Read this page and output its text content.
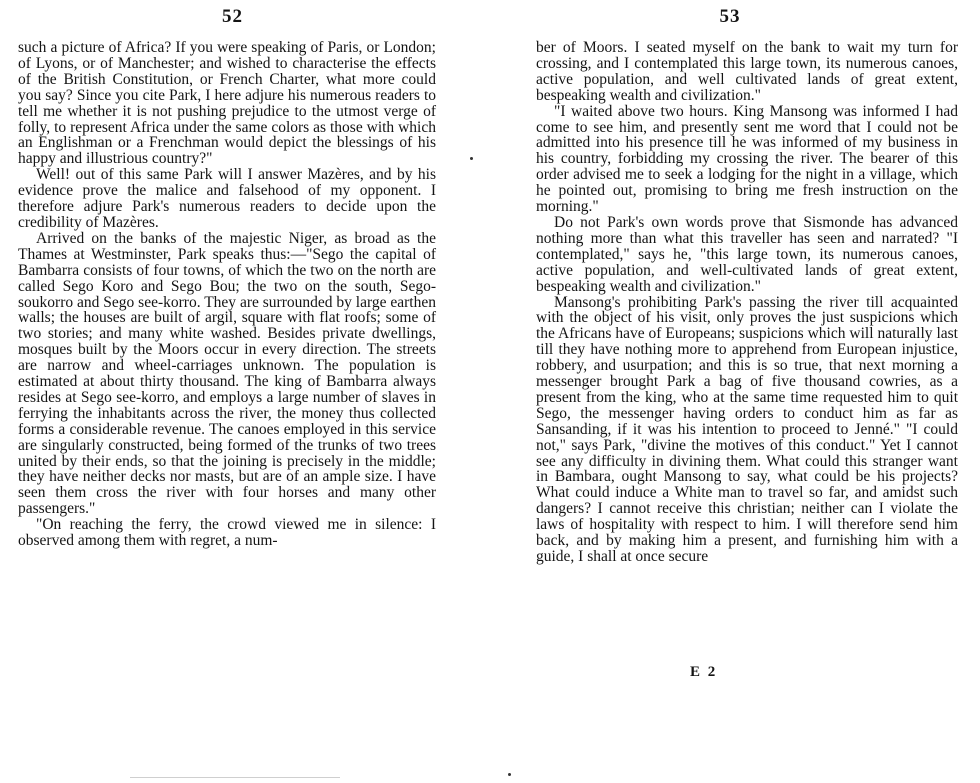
52

such a picture of Africa? If you were speaking of Paris, or London; of Lyons, or of Manchester; and wished to characterise the effects of the British Constitution, or French Charter, what more could you say? Since you cite Park, I here adjure his numerous readers to tell me whether it is not pushing prejudice to the utmost verge of folly, to represent Africa under the same colors as those with which an Englishman or a Frenchman would depict the blessings of his happy and illustrious country?"

Well! out of this same Park will I answer Mazères, and by his evidence prove the malice and falsehood of my opponent. I therefore adjure Park's numerous readers to decide upon the credibility of Mazères.

Arrived on the banks of the majestic Niger, as broad as the Thames at Westminster, Park speaks thus:—"Sego the capital of Bambarra consists of four towns, of which the two on the north are called Sego Koro and Sego Bou; the two on the south, Sego-soukorro and Sego see-korro. They are surrounded by large earthen walls; the houses are built of argil, square with flat roofs; some of two stories; and many white washed. Besides private dwellings, mosques built by the Moors occur in every direction. The streets are narrow and wheel-carriages unknown. The population is estimated at about thirty thousand. The king of Bambarra always resides at Sego see-korro, and employs a large number of slaves in ferrying the inhabitants across the river, the money thus collected forms a considerable revenue. The canoes employed in this service are singularly constructed, being formed of the trunks of two trees united by their ends, so that the joining is precisely in the middle; they have neither decks nor masts, but are of an ample size. I have seen them cross the river with four horses and many other passengers."

"On reaching the ferry, the crowd viewed me in silence: I observed among them with regret, a num-

53

ber of Moors. I seated myself on the bank to wait my turn for crossing, and I contemplated this large town, its numerous canoes, active population, and well cultivated lands of great extent, bespeaking wealth and civilization."

"I waited above two hours. King Mansong was informed I had come to see him, and presently sent me word that I could not be admitted into his presence till he was informed of my business in his country, forbidding my crossing the river. The bearer of this order advised me to seek a lodging for the night in a village, which he pointed out, promising to bring me fresh instruction on the morning."

Do not Park's own words prove that Sismonde has advanced nothing more than what this traveller has seen and narrated? "I contemplated," says he, "this large town, its numerous canoes, active population, and well-cultivated lands of great extent, bespeaking wealth and civilization."

Mansong's prohibiting Park's passing the river till acquainted with the object of his visit, only proves the just suspicions which the Africans have of Europeans; suspicions which will naturally last till they have nothing more to apprehend from European injustice, robbery, and usurpation; and this is so true, that next morning a messenger brought Park a bag of five thousand cowries, as a present from the king, who at the same time requested him to quit Sego, the messenger having orders to conduct him as far as Sansanding, if it was his intention to proceed to Jenné." "I could not," says Park, "divine the motives of this conduct." Yet I cannot see any difficulty in divining them. What could this stranger want in Bambara, ought Mansong to say, what could be his projects? What could induce a White man to travel so far, and amidst such dangers? I cannot receive this christian; neither can I violate the laws of hospitality with respect to him. I will therefore send him back, and by making him a present, and furnishing him with a guide, I shall at once secure

E 2
